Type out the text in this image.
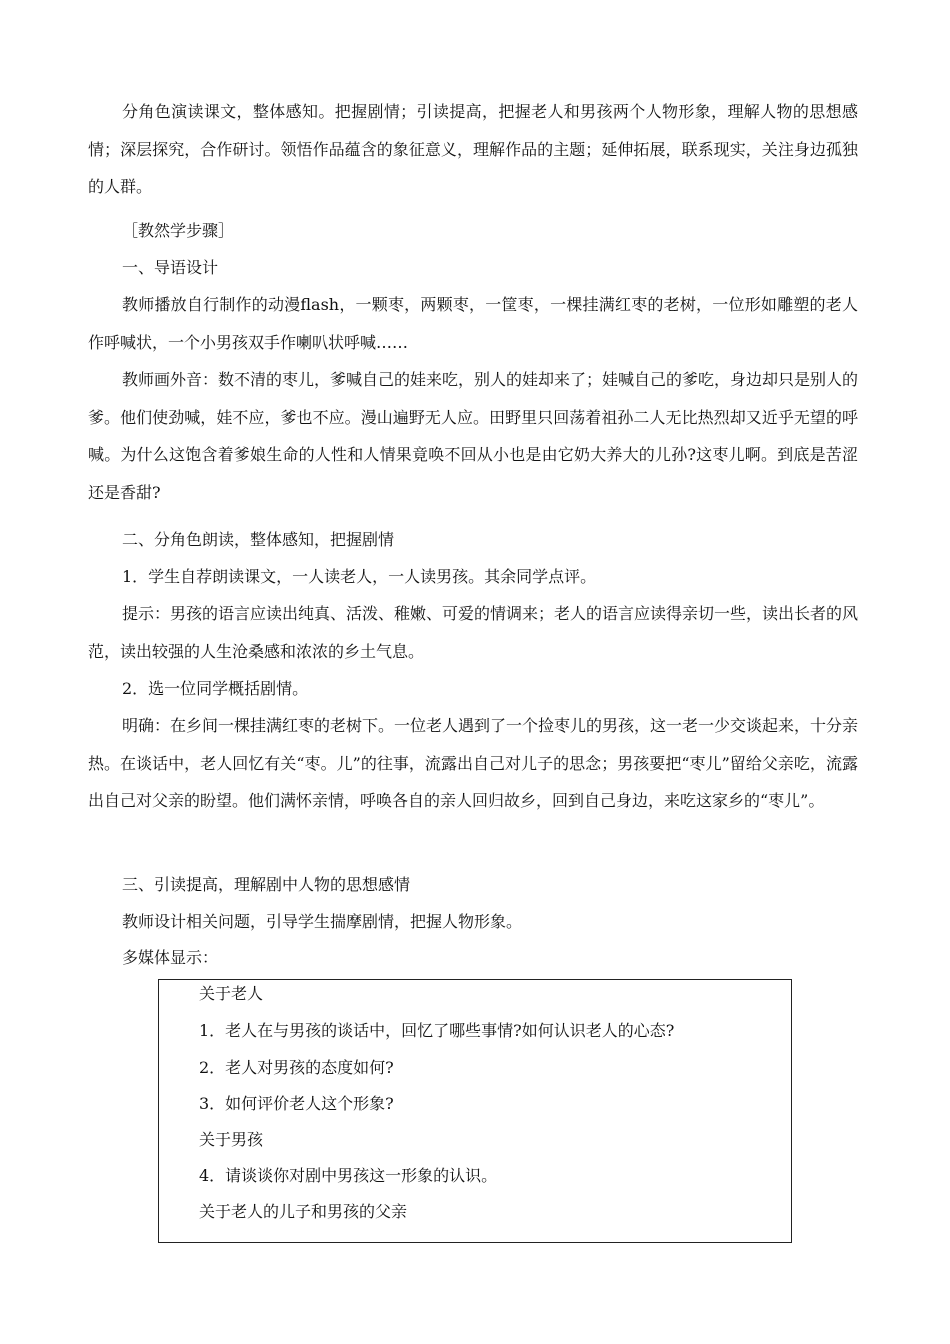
分角色演读课文，整体感知。把握剧情；引读提高，把握老人和男孩两个人物形象，理解人物的思想感情；深层探究，合作研讨。领悟作品蕴含的象征意义，理解作品的主题；延伸拓展，联系现实，关注身边孤独的人群。

［教然学步骤］

一、导语设计

教师播放自行制作的动漫flash，一颗枣，两颗枣，一筐枣，一棵挂满红枣的老树，一位形如雕塑的老人作呼喊状，一个小男孩双手作喇叭状呼喊……

教师画外音：数不清的枣儿，爹喊自己的娃来吃，别人的娃却来了；娃喊自己的爹吃，身边却只是别人的爹。他们使劲喊，娃不应，爹也不应。漫山遍野无人应。田野里只回荡着祖孙二人无比热烈却又近乎无望的呼喊。为什么这饱含着爹娘生命的人性和人情果竟唤不回从小也是由它奶大养大的儿孙?这枣儿啊。到底是苦涩还是香甜?

二、分角色朗读，整体感知，把握剧情

1．学生自荐朗读课文，一人读老人，一人读男孩。其余同学点评。

提示：男孩的语言应读出纯真、活泼、稚嫩、可爱的情调来；老人的语言应读得亲切一些，读出长者的风范，读出较强的人生沧桑感和浓浓的乡土气息。

2．选一位同学概括剧情。

明确：在乡间一棵挂满红枣的老树下。一位老人遇到了一个捡枣儿的男孩，这一老一少交谈起来，十分亲热。在谈话中，老人回忆有关“枣。儿”的往事，流露出自己对儿子的思念；男孩要把“枣儿”留给父亲吃，流露出自己对父亲的盼望。他们满怀亲情，呼唤各自的亲人回归故乡，回到自己身边，来吃这家乡的“枣儿”。

三、引读提高，理解剧中人物的思想感情

教师设计相关问题，引导学生揣摩剧情，把握人物形象。

多媒体显示：

关于老人

1．老人在与男孩的谈话中，回忆了哪些事情?如何认识老人的心态?

2．老人对男孩的态度如何?

3．如何评价老人这个形象?

关于男孩

4．请谈谈你对剧中男孩这一形象的认识。

关于老人的儿子和男孩的父亲
